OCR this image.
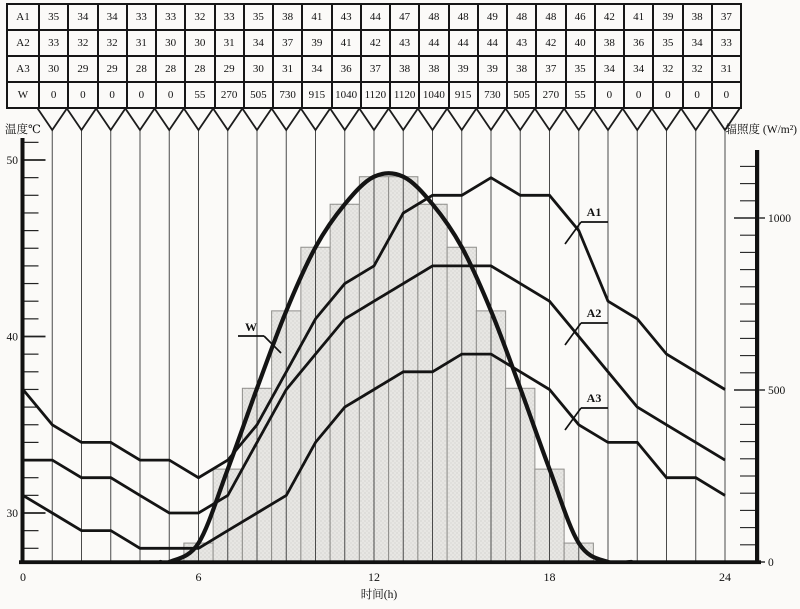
A1	35	34	34	33	33	32	33	35	38	41	43	44	47	48	48	49	48	48	46	42	41	39	38	37
A2	33	32	32	31	30	30	31	34	37	39	41	42	43	44	44	44	43	42	40	38	36	35	34	33
A3	30	29	29	28	28	28	29	30	31	34	36	37	38	38	39	39	38	37	35	34	34	32	32	31
W	0	0	0	0	0	55	270	505	730	915	1040	1120	1120	1040	915	730	505	270	55	0	0	0	0	0
50
40
30
1000
500
0
0	6	12	18	24
W
A1
A2
A3
温度℃	辐照度 (W/m²)
时间(h)
